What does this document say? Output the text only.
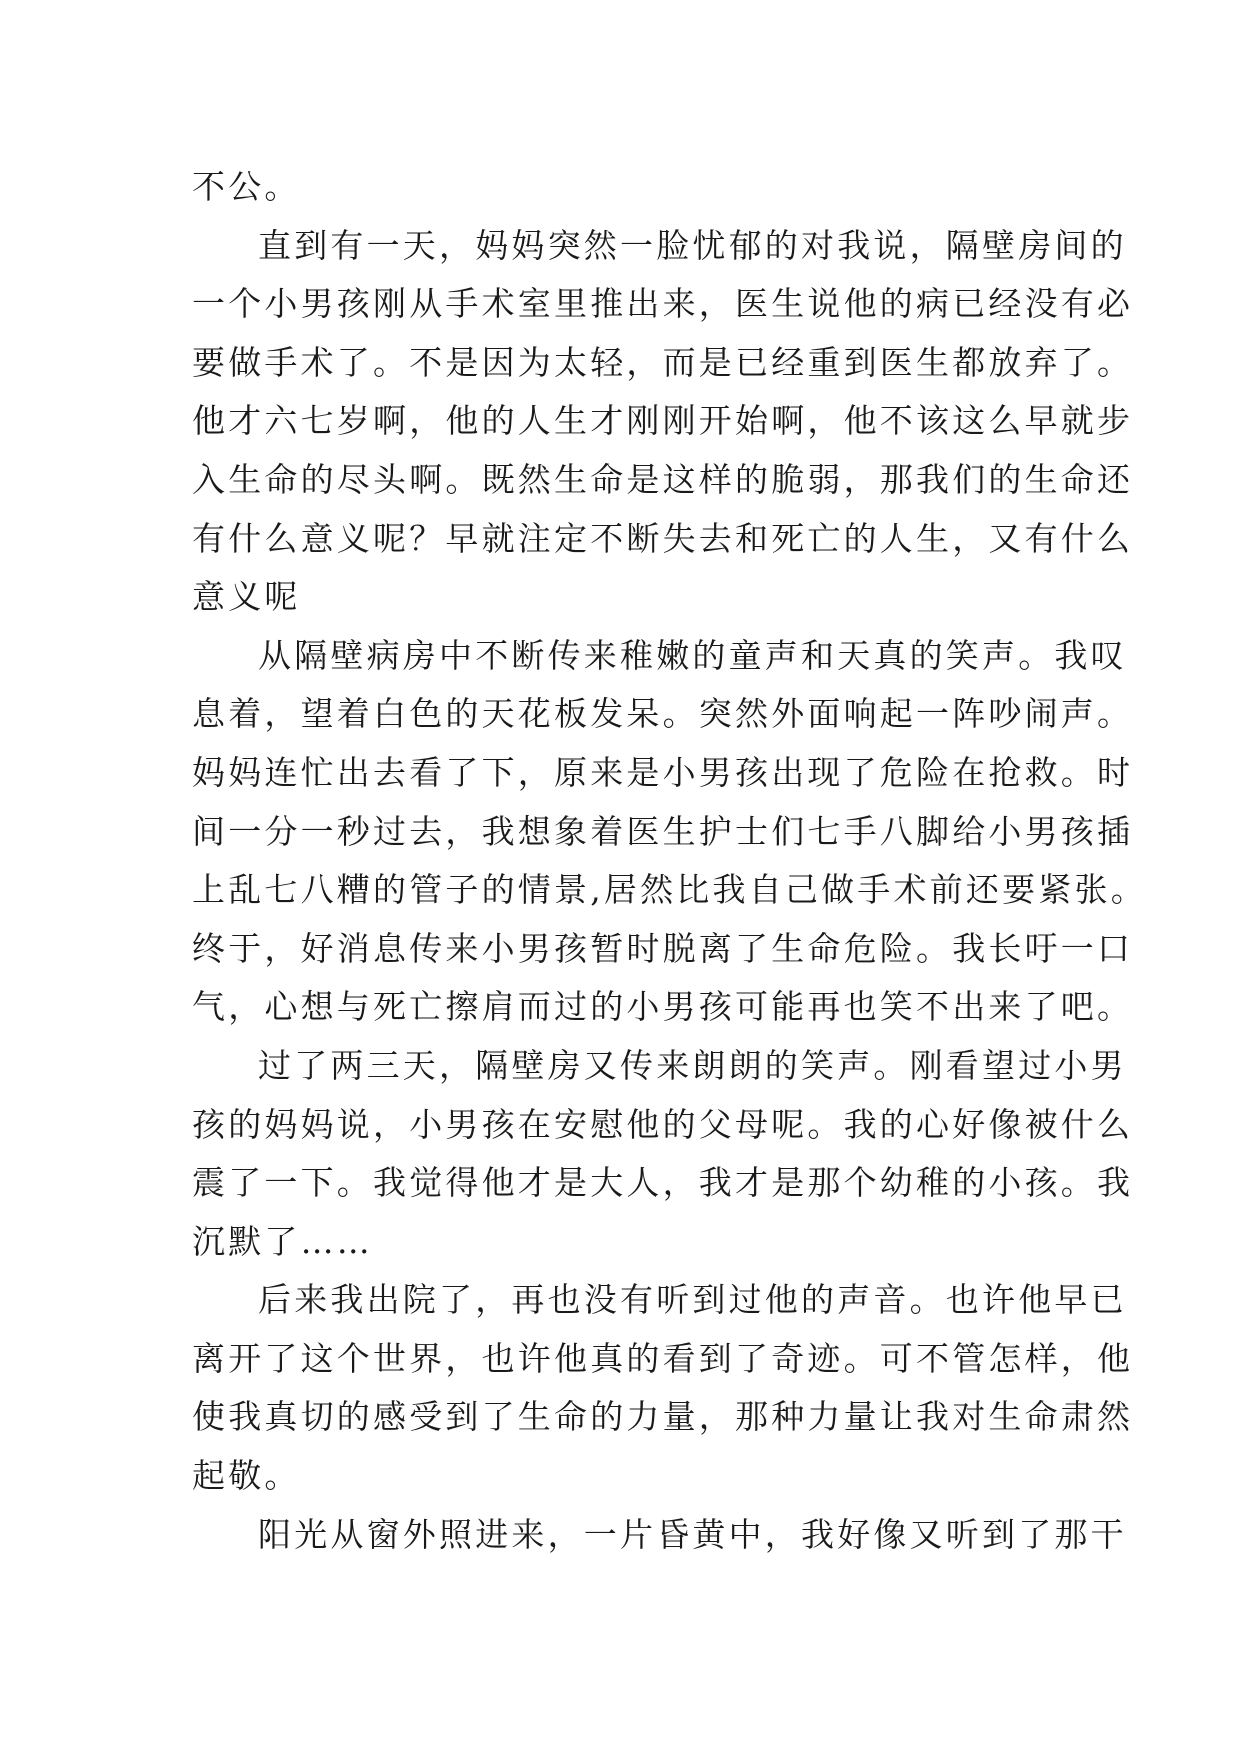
不公。
直到有一天，妈妈突然一脸忧郁的对我说，隔壁房间的
一个小男孩刚从手术室里推出来，医生说他的病已经没有必
要做手术了。不是因为太轻，而是已经重到医生都放弃了。
他才六七岁啊，他的人生才刚刚开始啊，他不该这么早就步
入生命的尽头啊。既然生命是这样的脆弱，那我们的生命还
有什么意义呢？早就注定不断失去和死亡的人生，又有什么
意义呢
从隔壁病房中不断传来稚嫩的童声和天真的笑声。我叹
息着，望着白色的天花板发呆。突然外面响起一阵吵闹声。
妈妈连忙出去看了下，原来是小男孩出现了危险在抢救。时
间一分一秒过去，我想象着医生护士们七手八脚给小男孩插
上乱七八糟的管子的情景,居然比我自己做手术前还要紧张。
终于，好消息传来小男孩暂时脱离了生命危险。我长吁一口
气，心想与死亡擦肩而过的小男孩可能再也笑不出来了吧。
过了两三天，隔壁房又传来朗朗的笑声。刚看望过小男
孩的妈妈说，小男孩在安慰他的父母呢。我的心好像被什么
震了一下。我觉得他才是大人，我才是那个幼稚的小孩。我
沉默了……
后来我出院了，再也没有听到过他的声音。也许他早已
离开了这个世界，也许他真的看到了奇迹。可不管怎样，他
使我真切的感受到了生命的力量，那种力量让我对生命肃然
起敬。
阳光从窗外照进来，一片昏黄中，我好像又听到了那干
